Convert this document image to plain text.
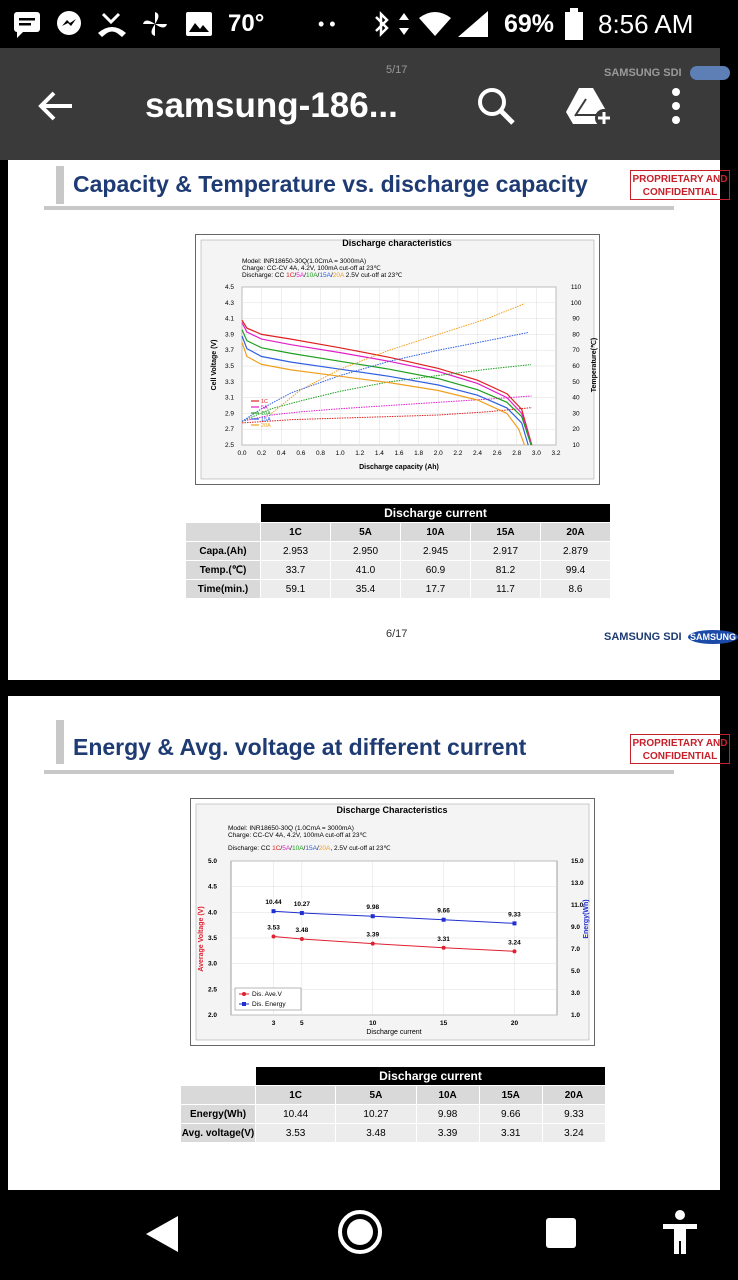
70°	• •	69% 8:56 AM
5/17	SAMSUNG SDI
samsung-186...
Capacity & Temperature vs. discharge capacity	PROPRIETARY AND
CONFIDENTIAL
Discharge characteristics
Model: INR18650-30Q(1.0CmA = 3000mA)
Charge: CC-CV 4A, 4.2V, 100mA cut-off at 23℃
Discharge: CC 1C/5A/10A/15A/20A 2.5V cut-off at 23℃
0.0 0.2 0.4 0.6 0.8 1.0 1.2 1.4 1.6 1.8 2.0 2.2 2.4 2.6 2.8 3.0 3.2
2.5
2.7
2.9
3.1
3.3
3.5
3.7
3.9
4.1
4.3
4.5
10
20
30
40
50
60
70
80
90
100
110
Discharge capacity (Ah)
Cell Voltage (V)	Temperature(℃)
1C
5A
10A
15A
20A
	Discharge current				
	1C	5A	10A	15A	20A
Capa.(Ah)	2.953	2.950	2.945	2.917	2.879
Temp.(℃)	33.7	41.0	60.9	81.2	99.4
Time(min.)	59.1	35.4	17.7	11.7	8.6
6/17	SAMSUNG SDI SAMSUNG
Energy & Avg. voltage at different current	PROPRIETARY AND
CONFIDENTIAL
Discharge Characteristics
Model: INR18650-30Q (1.0CmA = 3000mA)
Charge: CC-CV 4A, 4.2V, 100mA cut-off at 23℃
Discharge: CC 1C/5A/10A/15A/20A, 2.5V cut-off at 23℃
2.0
2.5
3.0
3.5
4.0
4.5
5.0
1.0
3.0
5.0
7.0
9.0
11.0
13.0
15.0
3	5	10	15	20
Discharge current
Average Voltage (V)	Energy(Wh)
3.53 3.48
3.39
3.31
3.24
10.44 10.27	9.98
9.66
9.33
Dis. Ave.V
Dis. Energy
	Discharge current				
	1C	5A	10A	15A	20A
Energy(Wh)	10.44	10.27	9.98	9.66	9.33
Avg. voltage(V)	3.53	3.48	3.39	3.31	3.24
